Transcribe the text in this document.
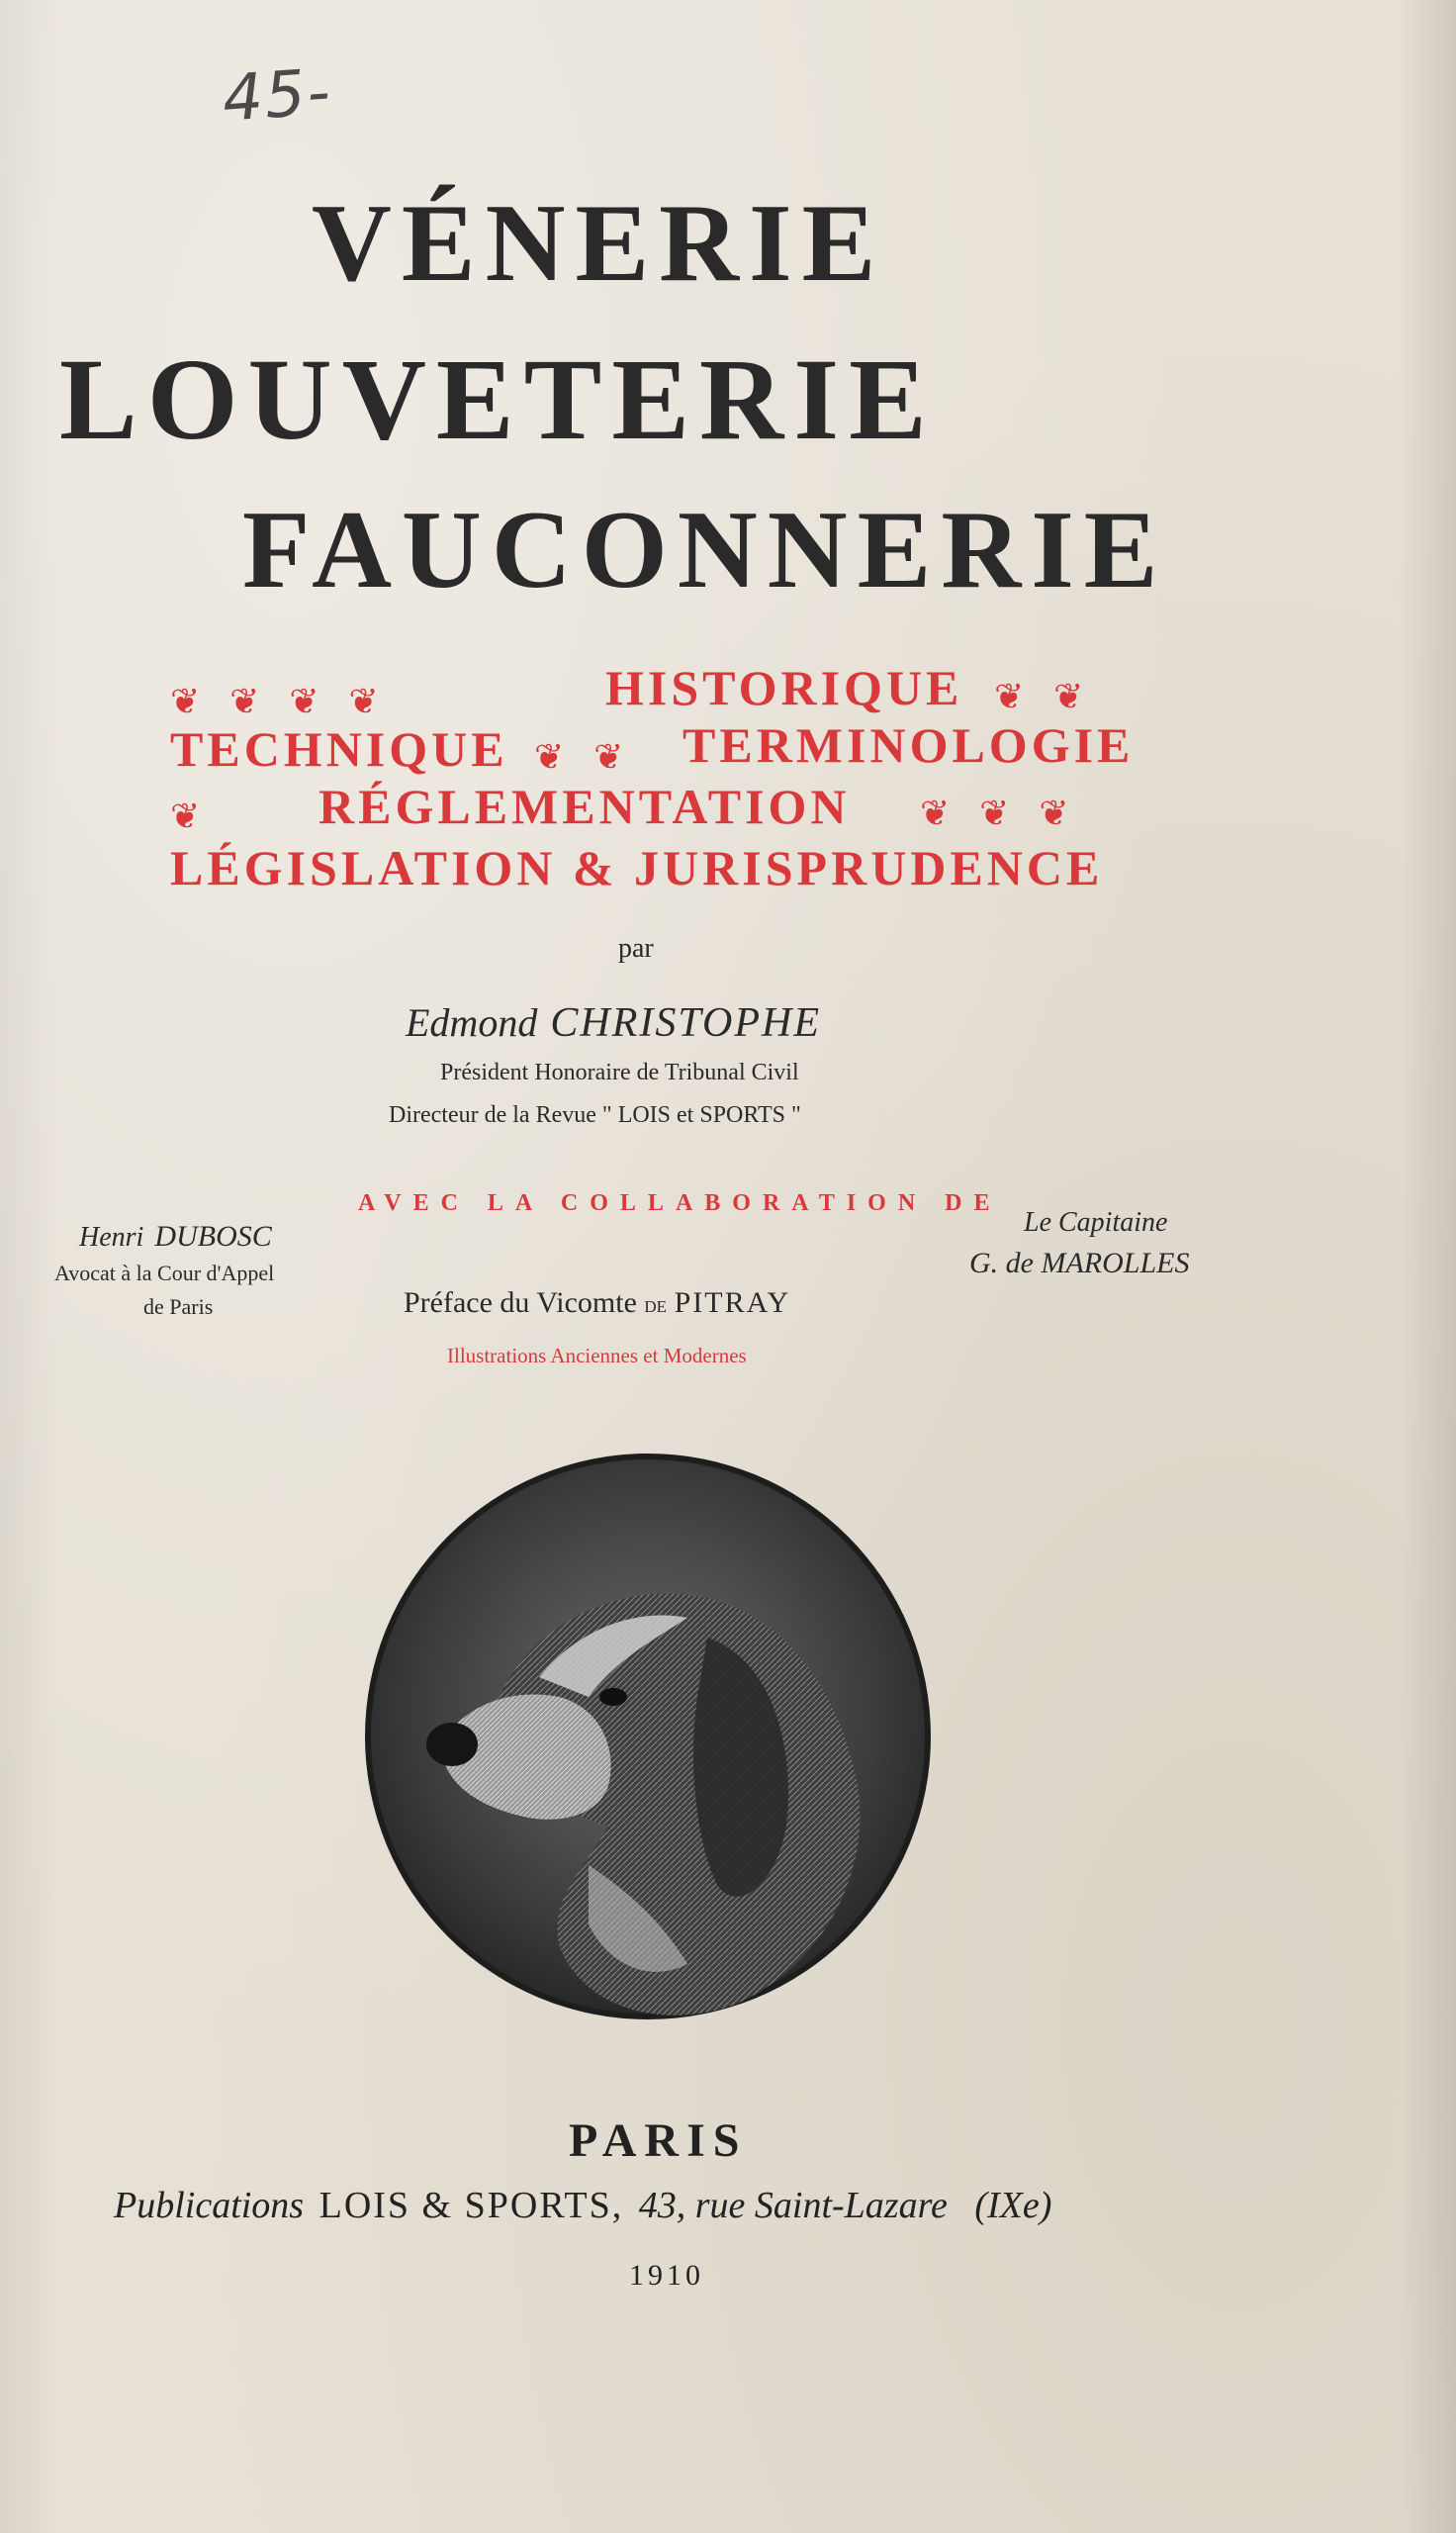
45-
VÉNERIE
LOUVETERIE
FAUCONNERIE
❦❦❦❦	HISTORIQUE ❦❦
TECHNIQUE ❦❦ TERMINOLOGIE
❦ RÉGLEMENTATION ❦❦❦
LÉGISLATION & JURISPRUDENCE
par
Edmond CHRISTOPHE
Président Honoraire de Tribunal Civil
Directeur de la Revue " LOIS et SPORTS "
AVEC LA COLLABORATION DE
Henri DUBOSC
Avocat à la Cour d'Appel
de Paris
Le Capitaine
G. de MAROLLES
Préface du Vicomte de PITRAY
Illustrations Anciennes et Modernes
PARIS
Publications LOIS & SPORTS, 43, rue Saint-Lazare (IXe)
1910
